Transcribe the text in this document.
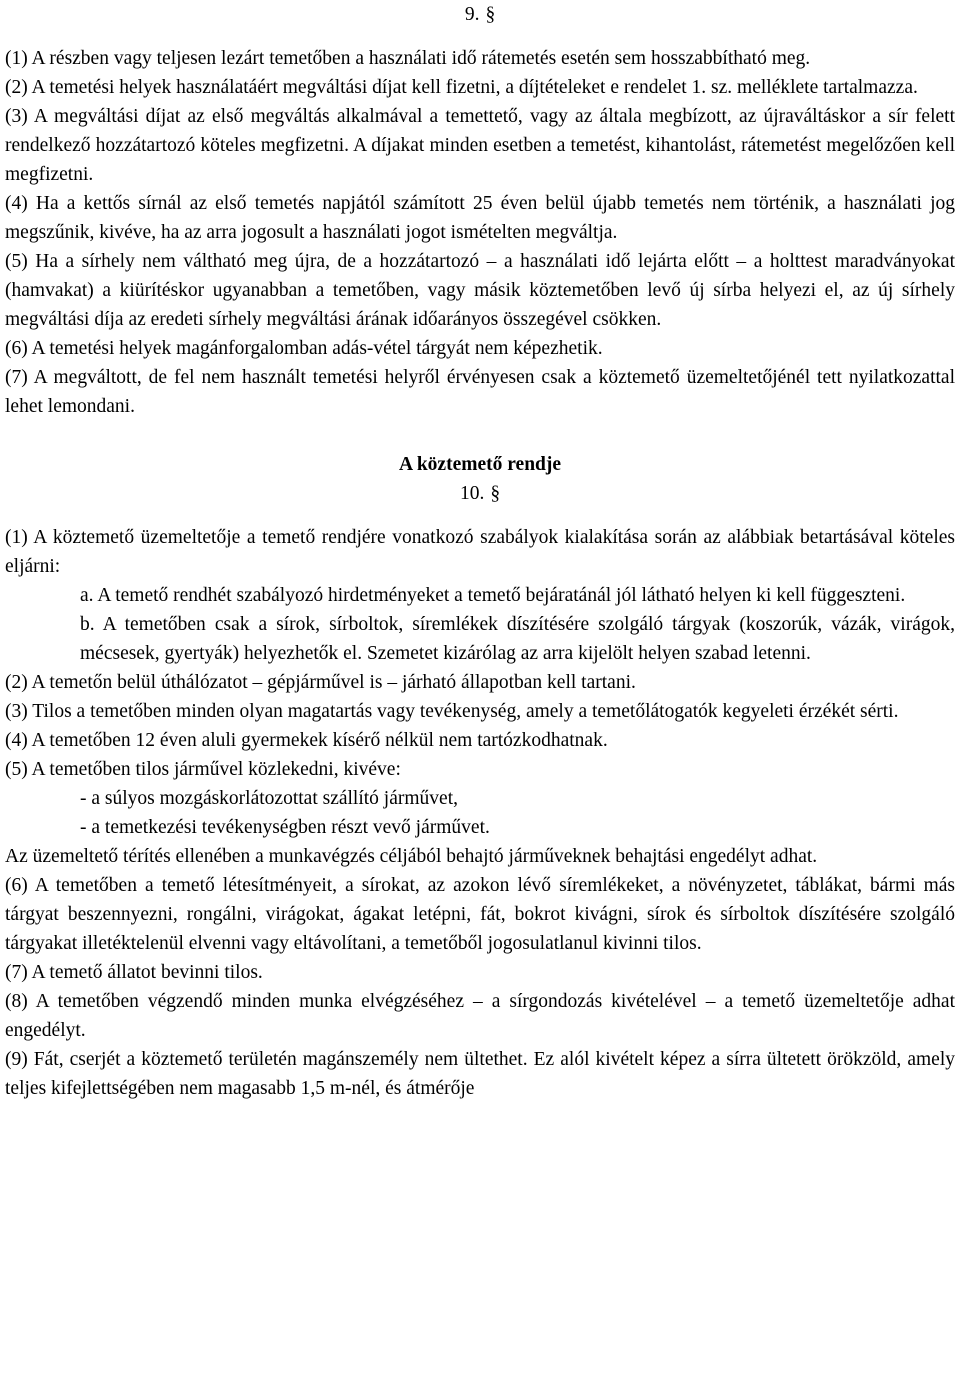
9. §

(1) A részben vagy teljesen lezárt temetőben a használati idő rátemetés esetén sem hosszabbítható meg.

(2) A temetési helyek használatáért megváltási díjat kell fizetni, a díjtételeket e rendelet 1. sz. melléklete tartalmazza.

(3) A megváltási díjat az első megváltás alkalmával a temettető, vagy az általa megbízott, az újraváltáskor a sír felett rendelkező hozzátartozó köteles megfizetni. A díjakat minden esetben a temetést, kihantolást, rátemetést megelőzően kell megfizetni.

(4) Ha a kettős sírnál az első temetés napjától számított 25 éven belül újabb temetés nem történik, a használati jog megszűnik, kivéve, ha az arra jogosult a használati jogot ismételten megváltja.

(5) Ha a sírhely nem váltható meg újra, de a hozzátartozó – a használati idő lejárta előtt – a holttest maradványokat (hamvakat) a kiürítéskor ugyanabban a temetőben, vagy másik köztemetőben levő új sírba helyezi el, az új sírhely megváltási díja az eredeti sírhely megváltási árának időarányos összegével csökken.

(6) A temetési helyek magánforgalomban adás-vétel tárgyát nem képezhetik.

(7) A megváltott, de fel nem használt temetési helyről érvényesen csak a köztemető üzemeltetőjénél tett nyilatkozattal lehet lemondani.

A köztemető rendje
10. §

(1) A köztemető üzemeltetője a temető rendjére vonatkozó szabályok kialakítása során az alábbiak betartásával köteles eljárni:

a. A temető rendhét szabályozó hirdetményeket a temető bejáratánál jól látható helyen ki kell függeszteni.

b. A temetőben csak a sírok, sírboltok, síremlékek díszítésére szolgáló tárgyak (koszorúk, vázák, virágok, mécsesek, gyertyák) helyezhetők el. Szemetet kizárólag az arra kijelölt helyen szabad letenni.

(2) A temetőn belül úthálózatot – gépjárművel is – járható állapotban kell tartani.

(3) Tilos a temetőben minden olyan magatartás vagy tevékenység, amely a temetőlátogatók kegyeleti érzékét sérti.

(4) A temetőben 12 éven aluli gyermekek kísérő nélkül nem tartózkodhatnak.

(5) A temetőben tilos járművel közlekedni, kivéve:

- a súlyos mozgáskorlátozottat szállító járművet,

- a temetkezési tevékenységben részt vevő járművet.

Az üzemeltető térítés ellenében a munkavégzés céljából behajtó járműveknek behajtási engedélyt adhat.

(6) A temetőben a temető létesítményeit, a sírokat, az azokon lévő síremlékeket, a növényzetet, táblákat, bármi más tárgyat beszennyezni, rongálni, virágokat, ágakat letépni, fát, bokrot kivágni, sírok és sírboltok díszítésére szolgáló tárgyakat illetéktelenül elvenni vagy eltávolítani, a temetőből jogosulatlanul kivinni tilos.

(7) A temető állatot bevinni tilos.

(8) A temetőben végzendő minden munka elvégzéséhez – a sírgondozás kivételével – a temető üzemeltetője adhat engedélyt.

(9) Fát, cserjét a köztemető területén magánszemély nem ültethet. Ez alól kivételt képez a sírra ültetett örökzöld, amely teljes kifejlettségében nem magasabb 1,5 m-nél, és átmérője
